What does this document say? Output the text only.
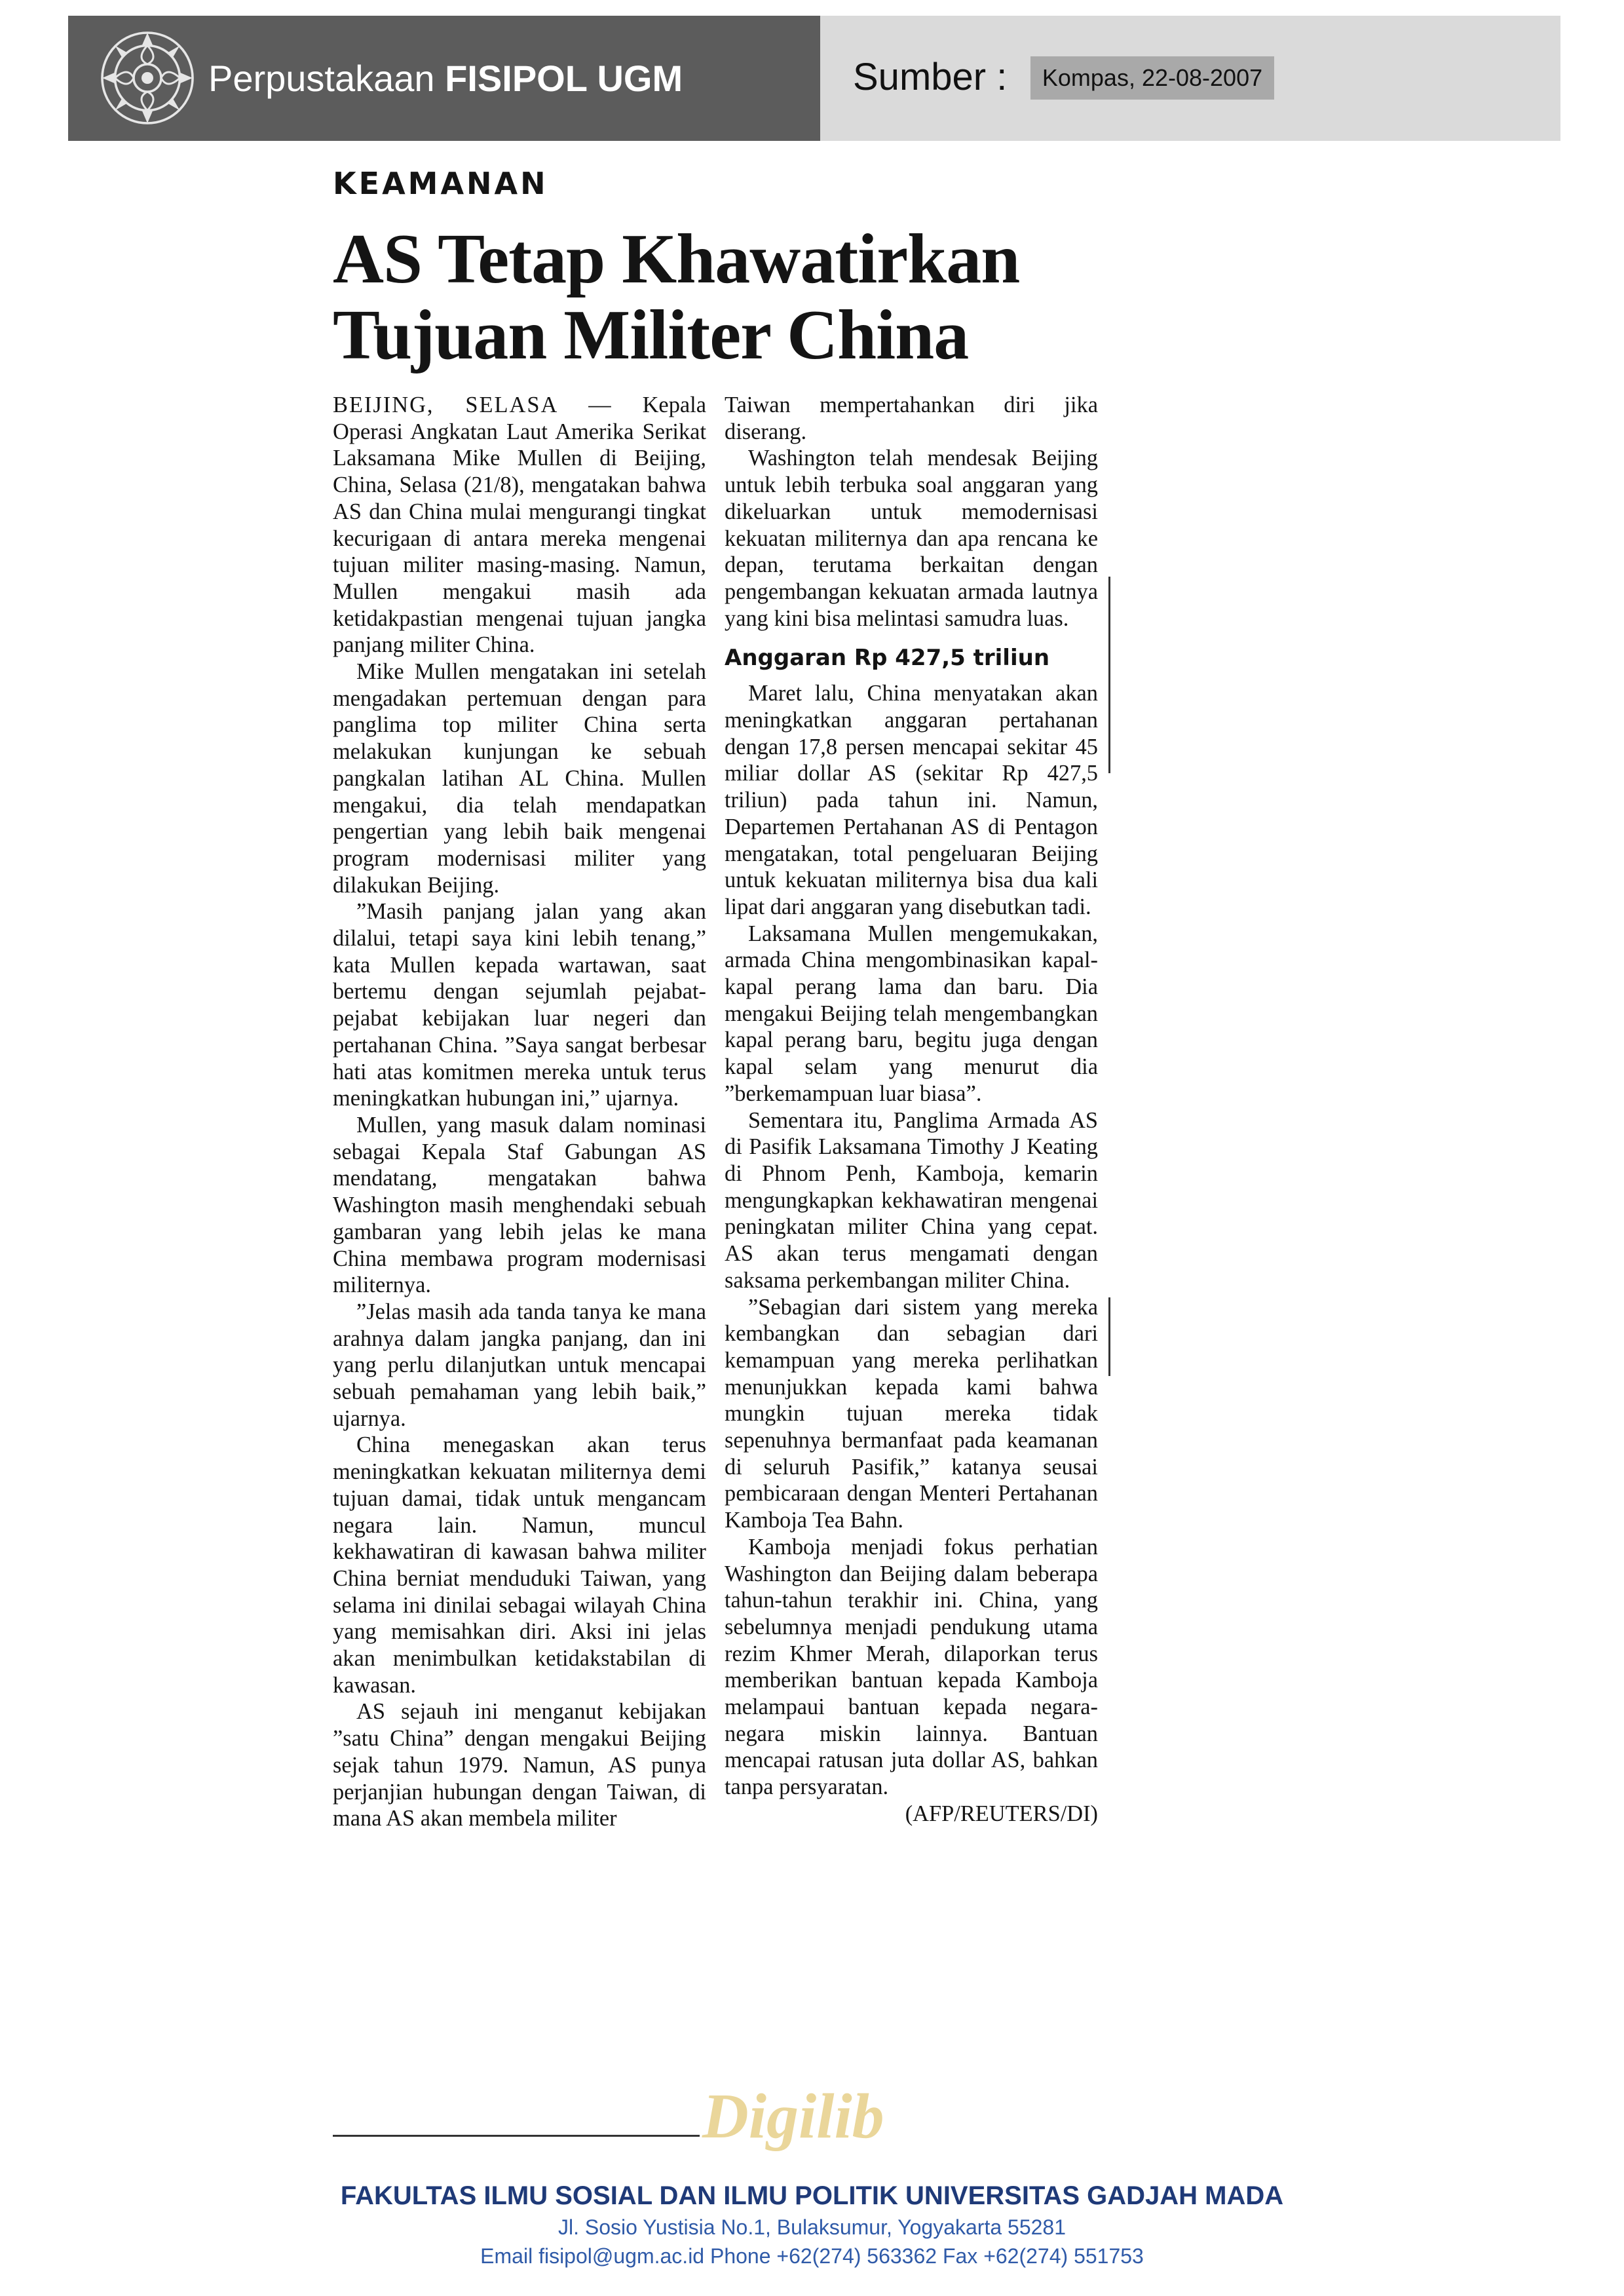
Perpustakaan FISIPOL UGM	Sumber :	Kompas, 22-08-2007
KEAMANAN
AS Tetap Khawatirkan
Tujuan Militer China

BEIJING, SELASA — Kepala Operasi Angkatan Laut Amerika Serikat Laksamana Mike Mullen di Beijing, China, Selasa (21/8), mengatakan bahwa AS dan China mulai mengurangi tingkat kecurigaan di antara mereka mengenai tujuan militer masing-masing. Namun, Mullen mengakui masih ada ketidakpastian mengenai tujuan jangka panjang militer China.

Mike Mullen mengatakan ini setelah mengadakan pertemuan dengan para panglima top militer China serta melakukan kunjungan ke sebuah pangkalan latihan AL China. Mullen mengakui, dia telah mendapatkan pengertian yang lebih baik mengenai program modernisasi militer yang dilakukan Beijing.

”Masih panjang jalan yang akan dilalui, tetapi saya kini lebih tenang,” kata Mullen kepada wartawan, saat bertemu dengan sejumlah pejabat-pejabat kebijakan luar negeri dan pertahanan China. ”Saya sangat berbesar hati atas komitmen mereka untuk terus meningkatkan hubungan ini,” ujarnya.

Mullen, yang masuk dalam nominasi sebagai Kepala Staf Gabungan AS mendatang, mengatakan bahwa Washington masih menghendaki sebuah gambaran yang lebih jelas ke mana China membawa program modernisasi militernya.

”Jelas masih ada tanda tanya ke mana arahnya dalam jangka panjang, dan ini yang perlu dilanjutkan untuk mencapai sebuah pemahaman yang lebih baik,” ujarnya.

China menegaskan akan terus meningkatkan kekuatan militernya demi tujuan damai, tidak untuk mengancam negara lain. Namun, muncul kekhawatiran di kawasan bahwa militer China berniat menduduki Taiwan, yang selama ini dinilai sebagai wilayah China yang memisahkan diri. Aksi ini jelas akan menimbulkan ketidakstabilan di kawasan.

AS sejauh ini menganut kebijakan ”satu China” dengan mengakui Beijing sejak tahun 1979. Namun, AS punya perjanjian hubungan dengan Taiwan, di mana AS akan membela militer

Taiwan mempertahankan diri jika diserang.

Washington telah mendesak Beijing untuk lebih terbuka soal anggaran yang dikeluarkan untuk memodernisasi kekuatan militernya dan apa rencana ke depan, terutama berkaitan dengan pengembangan kekuatan armada lautnya yang kini bisa melintasi samudra luas.

Anggaran Rp 427,5 triliun

Maret lalu, China menyatakan akan meningkatkan anggaran pertahanan dengan 17,8 persen mencapai sekitar 45 miliar dollar AS (sekitar Rp 427,5 triliun) pada tahun ini. Namun, Departemen Pertahanan AS di Pentagon mengatakan, total pengeluaran Beijing untuk kekuatan militernya bisa dua kali lipat dari anggaran yang disebutkan tadi.

Laksamana Mullen mengemukakan, armada China mengombinasikan kapal-kapal perang lama dan baru. Dia mengakui Beijing telah mengembangkan kapal perang baru, begitu juga dengan kapal selam yang menurut dia ”berkemampuan luar biasa”.

Sementara itu, Panglima Armada AS di Pasifik Laksamana Timothy J Keating di Phnom Penh, Kamboja, kemarin mengungkapkan kekhawatiran mengenai peningkatan militer China yang cepat. AS akan terus mengamati dengan saksama perkembangan militer China.

”Sebagian dari sistem yang mereka kembangkan dan sebagian dari kemampuan yang mereka perlihatkan menunjukkan kepada kami bahwa mungkin tujuan mereka tidak sepenuhnya bermanfaat pada keamanan di seluruh Pasifik,” katanya seusai pembicaraan dengan Menteri Pertahanan Kamboja Tea Bahn.

Kamboja menjadi fokus perhatian Washington dan Beijing dalam beberapa tahun-tahun terakhir ini. China, yang sebelumnya menjadi pendukung utama rezim Khmer Merah, dilaporkan terus memberikan bantuan kepada Kamboja melampaui bantuan kepada negara-negara miskin lainnya. Bantuan mencapai ratusan juta dollar AS, bahkan tanpa persyaratan.

(AFP/REUTERS/DI)

Digilib
FAKULTAS ILMU SOSIAL DAN ILMU POLITIK UNIVERSITAS GADJAH MADA
Jl. Sosio Yustisia No.1, Bulaksumur, Yogyakarta 55281
Email fisipol@ugm.ac.id Phone +62(274) 563362 Fax +62(274) 551753
